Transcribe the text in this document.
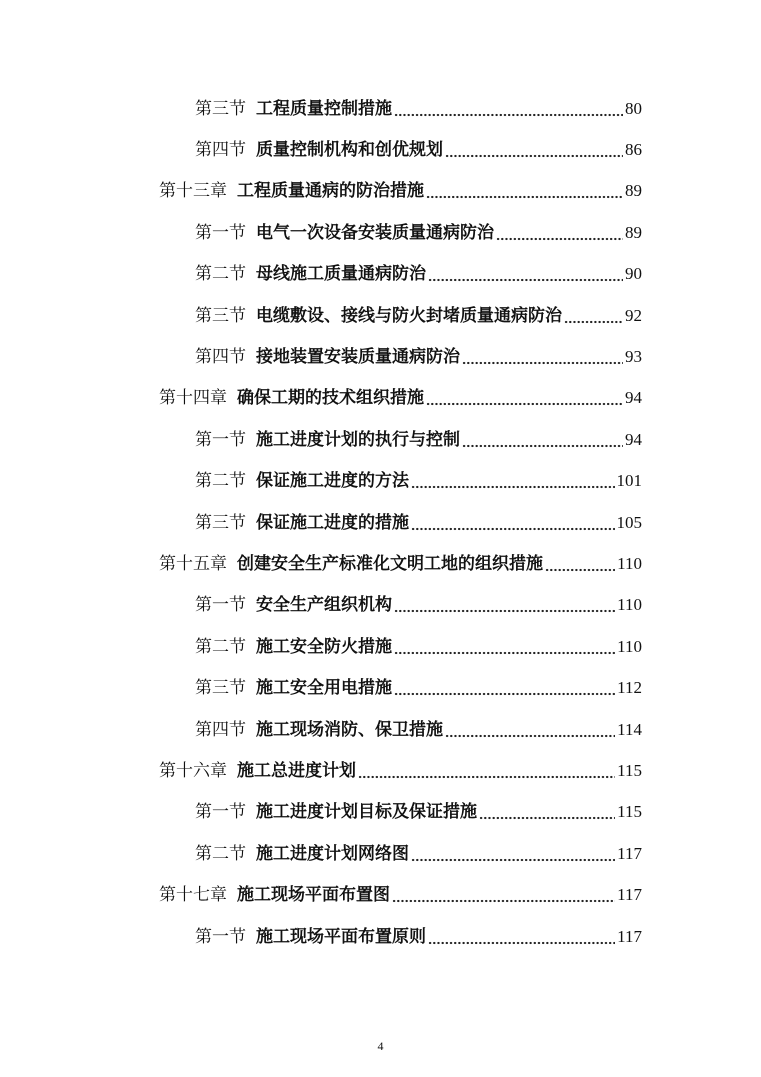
第三节 工程质量控制措施	80
第四节 质量控制机构和创优规划	86
第十三章 工程质量通病的防治措施	89
第一节 电气一次设备安装质量通病防治	89
第二节 母线施工质量通病防治	90
第三节 电缆敷设、接线与防火封堵质量通病防治	92
第四节 接地装置安装质量通病防治	93
第十四章 确保工期的技术组织措施	94
第一节 施工进度计划的执行与控制	94
第二节 保证施工进度的方法	101
第三节 保证施工进度的措施	105
第十五章 创建安全生产标准化文明工地的组织措施	110
第一节 安全生产组织机构	110
第二节 施工安全防火措施	110
第三节 施工安全用电措施	112
第四节 施工现场消防、保卫措施	114
第十六章 施工总进度计划	115
第一节 施工进度计划目标及保证措施	115
第二节 施工进度计划网络图	117
第十七章 施工现场平面布置图	117
第一节 施工现场平面布置原则	117
4
